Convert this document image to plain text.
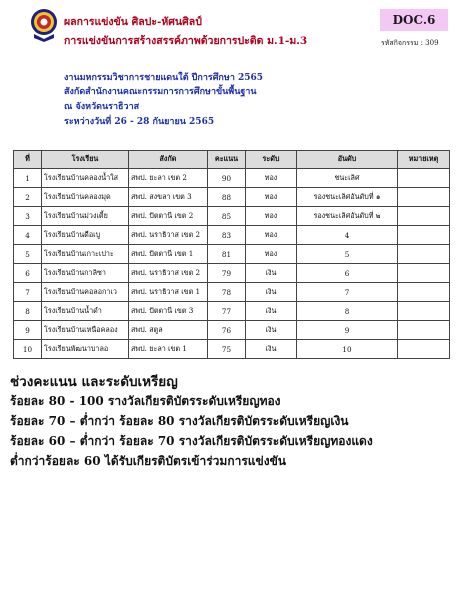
ผลการแข่งขัน ศิลปะ-หัศนศิลป์
การแข่งขันการสร้างสรรค์ภาพด้วยการปะติด ม.1-ม.3
DOC.6
รหัสกิจกรรม : 309
งานมหกรรมวิชาการชายแดนใต้ ปีการศึกษา 2565
สังกัดสำนักงานคณะกรรมการการศึกษาขั้นพื้นฐาน
ณ จังหวัดนราธิวาส
ระหว่างวันที่ 26 - 28 กันยายน 2565
ที่	โรงเรียน	สังกัด	คะแนน	ระดับ	อันดับ	หมายเหตุ
1	โรงเรียนบ้านคลองน้ำใส	สพป. ยะลา เขต 2	90	ทอง	ชนะเลิศ	
2	โรงเรียนบ้านคลองมุด	สพป. สงขลา เขต 3	88	ทอง	รองชนะเลิศอันดับที่ ๑	
3	โรงเรียนบ้านม่วงเตี้ย	สพป. ปัตตานี เขต 2	85	ทอง	รองชนะเลิศอันดับที่ ๒	
4	โรงเรียนบ้านดือเบู	สพป. นราธิวาส เขต 2	83	ทอง	4	
5	โรงเรียนบ้านเกาะเปาะ	สพป. ปัตตานี เขต 1	81	ทอง	5	
6	โรงเรียนบ้านกาลิซา	สพป. นราธิวาส เขต 2	79	เงิน	6	
7	โรงเรียนบ้านคอลอกาเว	สพป. นราธิวาส เขต 1	78	เงิน	7	
8	โรงเรียนบ้านน้ำดำ	สพป. ปัตตานี เขต 3	77	เงิน	8	
9	โรงเรียนบ้านเหนือคลอง	สพป. สตูล	76	เงิน	9	
10	โรงเรียนพัฒนาบาลอ	สพป. ยะลา เขต 1	75	เงิน	10	
ช่วงคะแนน และระดับเหรียญ
ร้อยละ 80 - 100 รางวัลเกียรติบัตรระดับเหรียญทอง
ร้อยละ 70 – ต่ำกว่า ร้อยละ 80 รางวัลเกียรติบัตรระดับเหรียญเงิน
ร้อยละ 60 – ต่ำกว่า ร้อยละ 70 รางวัลเกียรติบัตรระดับเหรียญทองแดง
ต่ำกว่าร้อยละ 60 ได้รับเกียรติบัตรเข้าร่วมการแข่งขัน
